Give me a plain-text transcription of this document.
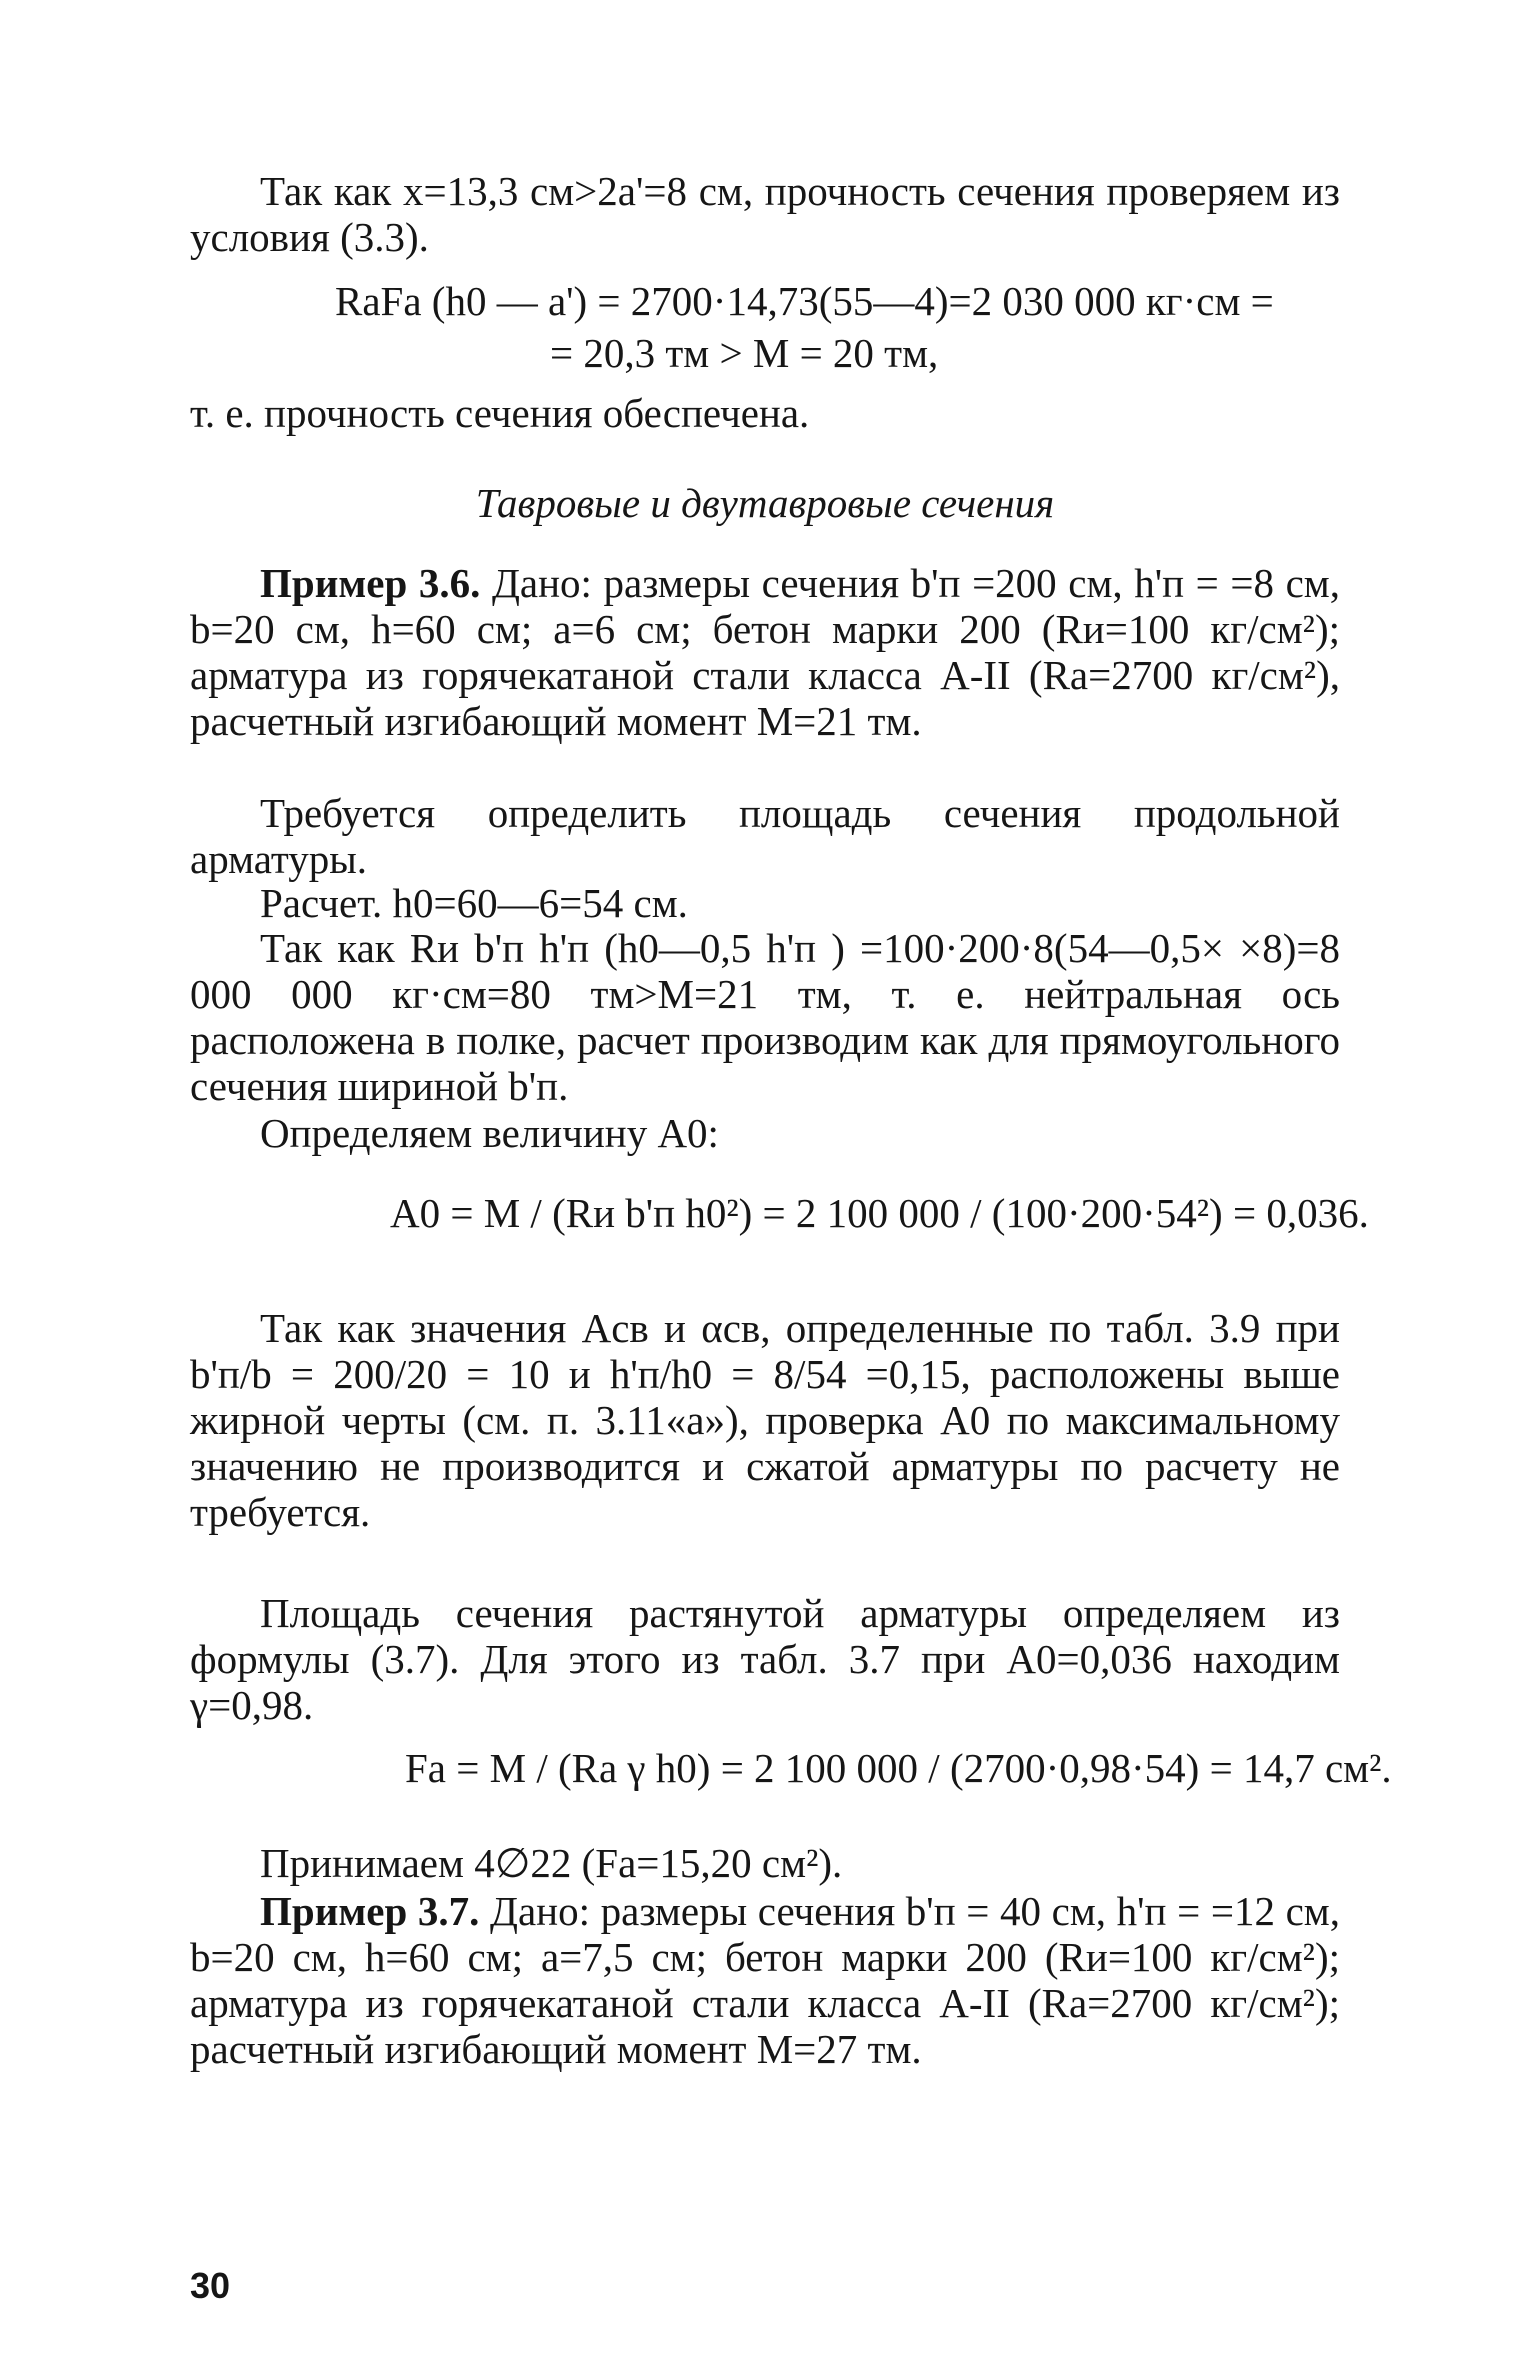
Так как x=13,3 см>2a'=8 см, прочность сечения проверяем из условия (3.3).

RaFa (h0 — a') = 2700·14,73(55—4)=2 030 000 кг·см =

= 20,3 тм > М = 20 тм,

т. е. прочность сечения обеспечена.

Тавровые и двутавровые сечения

Пример 3.6. Дано: размеры сечения b'п =200 см, h'п = =8 см, b=20 см, h=60 см; a=6 см; бетон марки 200 (Rи=100 кг/см²); арматура из горячекатаной стали класса А-II (Ra=2700 кг/см²), расчетный изгибающий момент М=21 тм.

Требуется определить площадь сечения продольной арматуры.

Расчет. h0=60—6=54 см.

Так как Rи b'п h'п (h0—0,5 h'п ) =100·200·8(54—0,5× ×8)=8 000 000 кг·см=80 тм>М=21 тм, т. е. нейтральная ось расположена в полке, расчет производим как для прямоугольного сечения шириной b'п.

Определяем величину A0:

A0 = M / (Rи b'п h0²) = 2 100 000 / (100·200·54²) = 0,036.

Так как значения Aсв и αсв, определенные по табл. 3.9 при b'п/b = 200/20 = 10 и h'п/h0 = 8/54 =0,15, расположены выше жирной черты (см. п. 3.11«а»), проверка A0 по максимальному значению не производится и сжатой арматуры по расчету не требуется.

Площадь сечения растянутой арматуры определяем из формулы (3.7). Для этого из табл. 3.7 при A0=0,036 находим γ=0,98.

Fa = M / (Ra γ h0) = 2 100 000 / (2700·0,98·54) = 14,7 см².

Принимаем 4∅22 (Fa=15,20 см²).

Пример 3.7. Дано: размеры сечения b'п = 40 см, h'п = =12 см, b=20 см, h=60 см; a=7,5 см; бетон марки 200 (Rи=100 кг/см²); арматура из горячекатаной стали класса А-II (Ra=2700 кг/см²); расчетный изгибающий момент М=27 тм.

30
